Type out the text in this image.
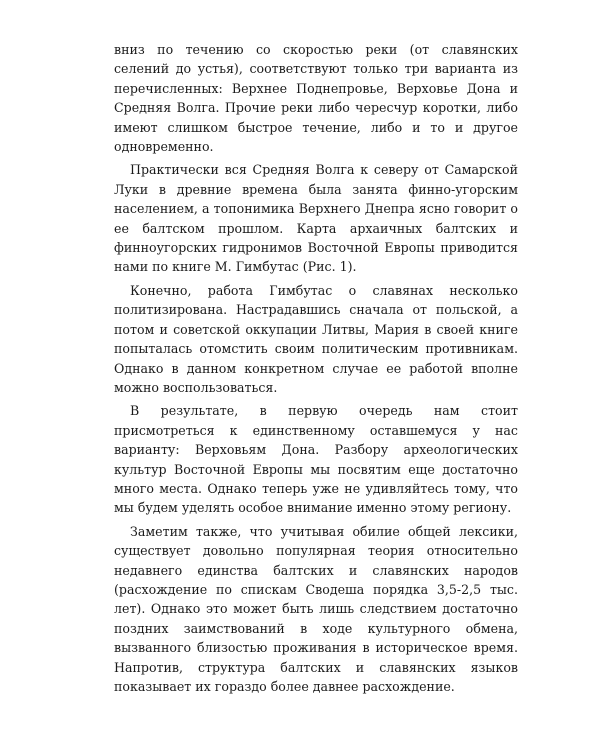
вниз по течению со скоростью реки (от славянских селений до устья), соответствуют только три варианта из перечисленных: Верхнее Поднепровье, Верховье Дона и Средняя Волга. Прочие реки либо чересчур коротки, либо имеют слишком быстрое течение, либо и то и другое одновременно.

Практически вся Средняя Волга к северу от Самарской Луки в древние времена была занята финно-угорским населением, а топонимика Верхнего Днепра ясно говорит о ее балтском прошлом. Карта архаичных балтских и финноугорских гидронимов Восточной Европы приводится нами по книге М. Гимбутас (Рис. 1).

Конечно, работа Гимбутас о славянах несколько политизирована. Настрадавшись сначала от польской, а потом и советской оккупации Литвы, Мария в своей книге попыталась отомстить своим политическим противникам. Однако в данном конкретном случае ее работой вполне можно воспользоваться.

В результате, в первую очередь нам стоит присмотреться к единственному оставшемуся у нас варианту: Верховьям Дона. Разбору археологических культур Восточной Европы мы посвятим еще достаточно много места. Однако теперь уже не удивляйтесь тому, что мы будем уделять особое внимание именно этому региону.

Заметим также, что учитывая обилие общей лексики, существует довольно популярная теория относительно недавнего единства балтских и славянских народов (расхождение по спискам Сводеша порядка 3,5-2,5 тыс. лет). Однако это может быть лишь следствием достаточно поздних заимствований в ходе культурного обмена, вызванного близостью проживания в историческое время. Напротив, структура балтских и славянских языков показывает их гораздо более давнее расхождение.
